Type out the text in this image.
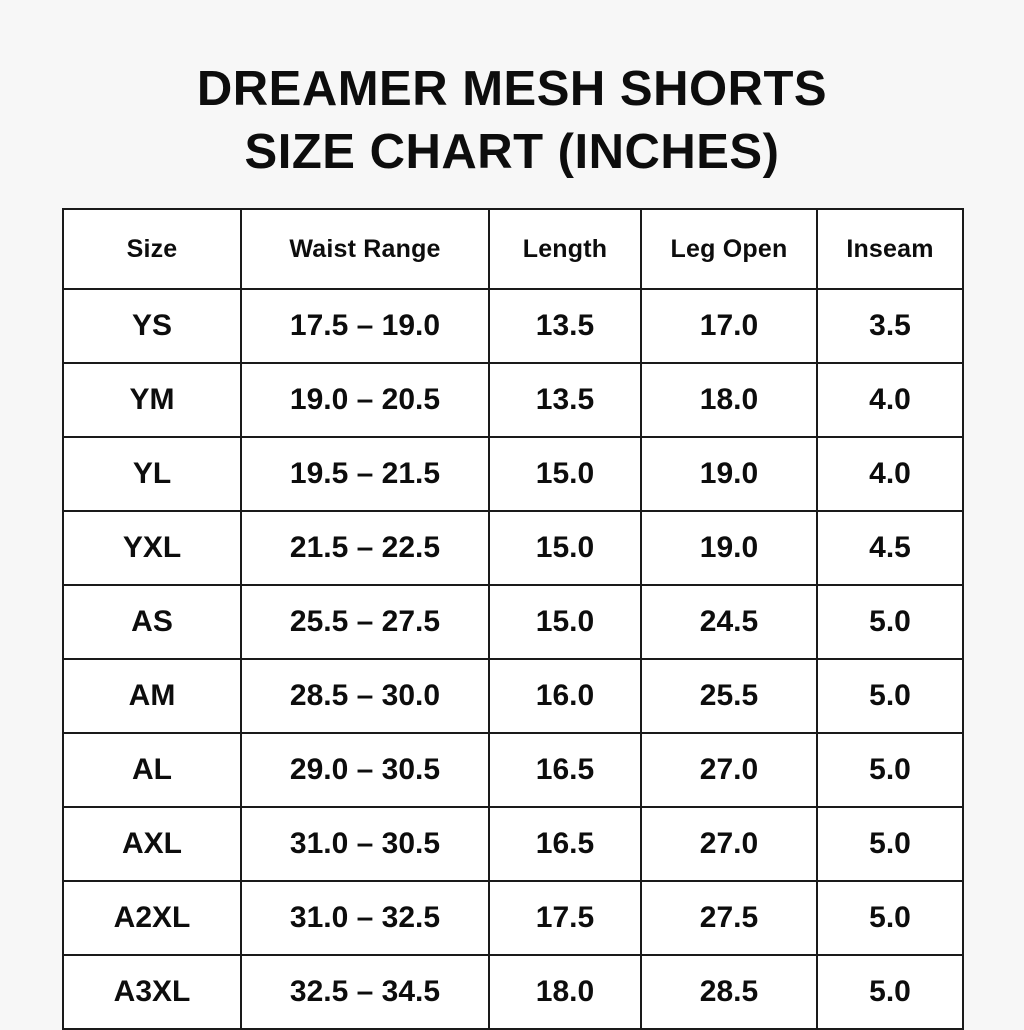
DREAMER MESH SHORTS
SIZE CHART (INCHES)
Size	Waist Range	Length	Leg Open	Inseam
YS	17.5 – 19.0	13.5	17.0	3.5
YM	19.0 – 20.5	13.5	18.0	4.0
YL	19.5 – 21.5	15.0	19.0	4.0
YXL	21.5 – 22.5	15.0	19.0	4.5
AS	25.5 – 27.5	15.0	24.5	5.0
AM	28.5 – 30.0	16.0	25.5	5.0
AL	29.0 – 30.5	16.5	27.0	5.0
AXL	31.0 – 30.5	16.5	27.0	5.0
A2XL	31.0 – 32.5	17.5	27.5	5.0
A3XL	32.5 – 34.5	18.0	28.5	5.0
